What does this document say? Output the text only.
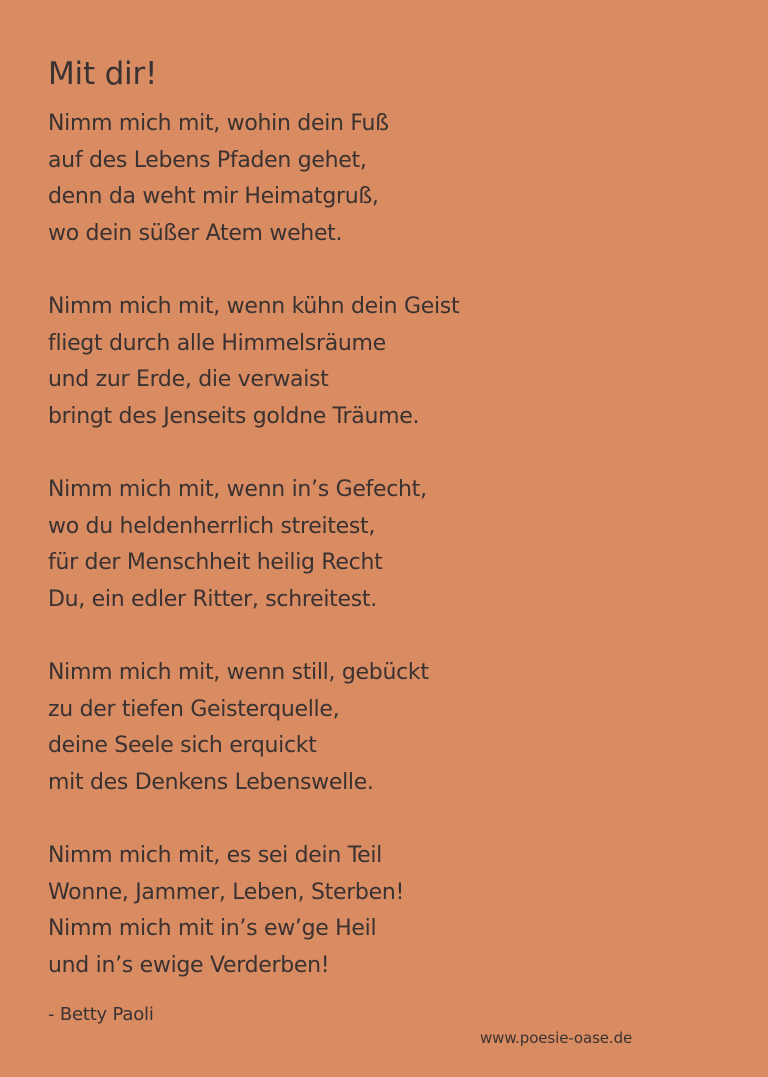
Mit dir!
Nimm mich mit, wohin dein Fuß
auf des Lebens Pfaden gehet,
denn da weht mir Heimatgruß,
wo dein süßer Atem wehet.
Nimm mich mit, wenn kühn dein Geist
fliegt durch alle Himmelsräume
und zur Erde, die verwaist
bringt des Jenseits goldne Träume.
Nimm mich mit, wenn in’s Gefecht,
wo du heldenherrlich streitest,
für der Menschheit heilig Recht
Du, ein edler Ritter, schreitest.
Nimm mich mit, wenn still, gebückt
zu der tiefen Geisterquelle,
deine Seele sich erquickt
mit des Denkens Lebenswelle.
Nimm mich mit, es sei dein Teil
Wonne, Jammer, Leben, Sterben!
Nimm mich mit in’s ew’ge Heil
und in’s ewige Verderben!
- Betty Paoli
www.poesie-oase.de
